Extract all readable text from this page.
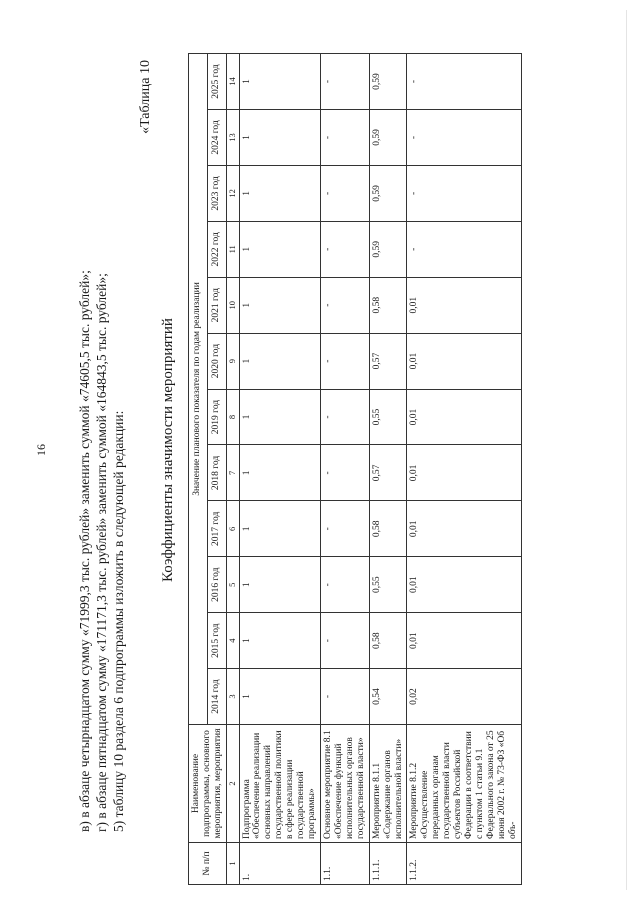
16 в) в абзаце четырнадцатом сумму «71999,3 тыс. рублей» заменить суммой «74605,5 тыс. рублей»; г) в абзаце пятнадцатом сумму «171171,3 тыс. рублей» заменить суммой «164843,5 тыс. рублей»; 5) таблицу 10 раздела 6 подпрограммы изложить в следующей редакции:
«Таблица 10
Коэффициенты значимости мероприятий
№ п/п	Наименование подпрограммы, основного мероприятия, мероприятия	Значение планового показателя по годам реализации											
		2014 год	2015 год	2016 год	2017 год	2018 год	2019 год	2020 год	2021 год	2022 год	2023 год	2024 год	2025 год
1	2	3	4	5	6	7	8	9	10	11	12	13	14
1.	Подпрограмма «Обеспечение реализации основных направлений государственной политики в сфере реализации государственной программы»	1	1	1	1	1	1	1	1	1	1	1	1
1.1.	Основное мероприятие 8.1 «Обеспечение функций исполнительных органов государственной власти»	-	-	-	-	-	-	-	-	-	-	-	-
1.1.1.	Мероприятие 8.1.1 «Содержание органов исполнительной власти»	0,54	0,58	0,55	0,58	0,57	0,55	0,57	0,58	0,59	0,59	0,59	0,59
1.1.2.	Мероприятие 8.1.2 «Осуществление переданных органам государственной власти субъектов Российской Федерации в соответствии с пунктом 1 статьи 9.1 Федерального закона от 25 июня 2002 г. № 73-ФЗ «Об объ-	0,02	0,01	0,01	0,01	0,01	0,01	0,01	0,01	-	-	-	-
